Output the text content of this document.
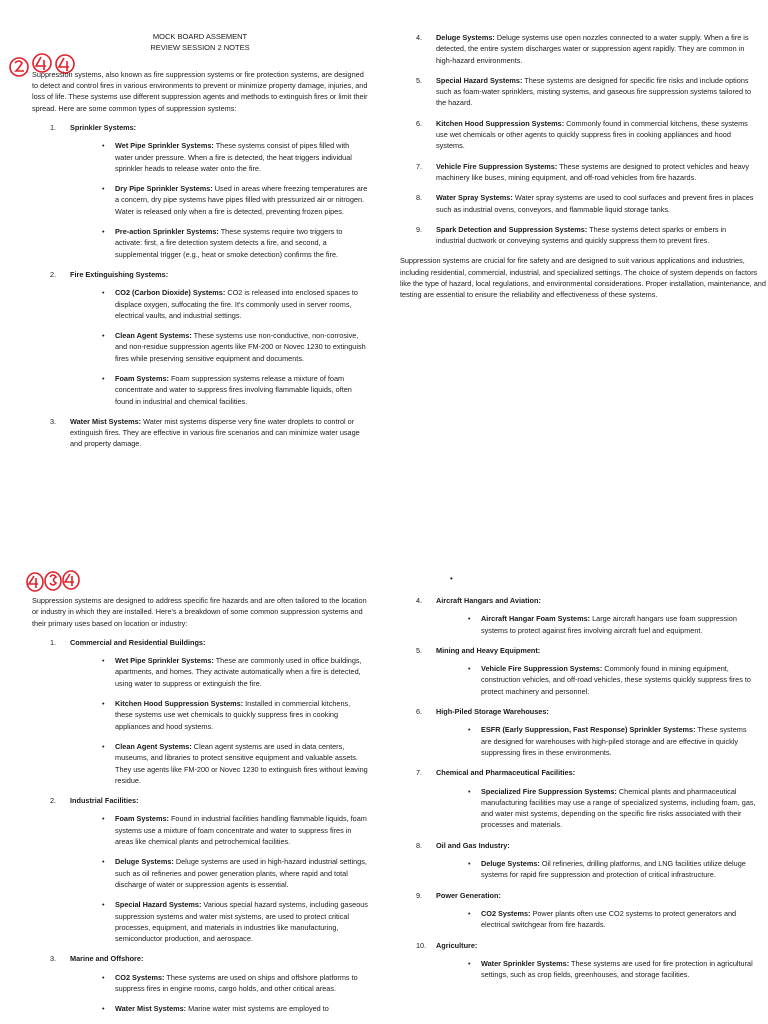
MOCK BOARD ASSEMENT
REVIEW SESSION 2 NOTES

Suppression systems, also known as fire suppression systems or fire protection systems, are designed to detect and control fires in various environments to prevent or minimize property damage, injuries, and loss of life. These systems use different suppression agents and methods to extinguish fires or limit their spread. Here are some common types of suppression systems:

1. Sprinkler Systems:
• Wet Pipe Sprinkler Systems: These systems consist of pipes filled with water under pressure. When a fire is detected, the heat triggers individual sprinkler heads to release water onto the fire.
• Dry Pipe Sprinkler Systems: Used in areas where freezing temperatures are a concern, dry pipe systems have pipes filled with pressurized air or nitrogen. Water is released only when a fire is detected, preventing frozen pipes.
• Pre-action Sprinkler Systems: These systems require two triggers to activate: first, a fire detection system detects a fire, and second, a supplemental trigger (e.g., heat or smoke detection) confirms the fire.
2. Fire Extinguishing Systems:
• CO2 (Carbon Dioxide) Systems: CO2 is released into enclosed spaces to displace oxygen, suffocating the fire. It's commonly used in server rooms, electrical vaults, and industrial settings.
• Clean Agent Systems: These systems use non-conductive, non-corrosive, and non-residue suppression agents like FM-200 or Novec 1230 to extinguish fires while preserving sensitive equipment and documents.
• Foam Systems: Foam suppression systems release a mixture of foam concentrate and water to suppress fires involving flammable liquids, often found in industrial and chemical facilities.
3. Water Mist Systems: Water mist systems disperse very fine water droplets to control or extinguish fires. They are effective in various fire scenarios and can minimize water usage and property damage.
4. Deluge Systems: Deluge systems use open nozzles connected to a water supply. When a fire is detected, the entire system discharges water or suppression agent rapidly. They are common in high-hazard environments.
5. Special Hazard Systems: These systems are designed for specific fire risks and include options such as foam-water sprinklers, misting systems, and gaseous fire suppression systems tailored to the hazard.
6. Kitchen Hood Suppression Systems: Commonly found in commercial kitchens, these systems use wet chemicals or other agents to quickly suppress fires in cooking appliances and hood systems.
7. Vehicle Fire Suppression Systems: These systems are designed to protect vehicles and heavy machinery like buses, mining equipment, and off-road vehicles from fire hazards.
8. Water Spray Systems: Water spray systems are used to cool surfaces and prevent fires in places such as industrial ovens, conveyors, and flammable liquid storage tanks.
9. Spark Detection and Suppression Systems: These systems detect sparks or embers in industrial ductwork or conveying systems and quickly suppress them to prevent fires.

Suppression systems are crucial for fire safety and are designed to suit various applications and industries, including residential, commercial, industrial, and specialized settings. The choice of system depends on factors like the type of hazard, local regulations, and environmental considerations. Proper installation, maintenance, and testing are essential to ensure the reliability and effectiveness of these systems.

Suppression systems are designed to address specific fire hazards and are often tailored to the location or industry in which they are installed. Here's a breakdown of some common suppression systems and their primary uses based on location or industry:

1. Commercial and Residential Buildings:
• Wet Pipe Sprinkler Systems: These are commonly used in office buildings, apartments, and homes. They activate automatically when a fire is detected, using water to suppress or extinguish the fire.
• Kitchen Hood Suppression Systems: Installed in commercial kitchens, these systems use wet chemicals to quickly suppress fires in cooking appliances and hood systems.
• Clean Agent Systems: Clean agent systems are used in data centers, museums, and libraries to protect sensitive equipment and valuable assets. They use agents like FM-200 or Novec 1230 to extinguish fires without leaving residue.
2. Industrial Facilities:
• Foam Systems: Found in industrial facilities handling flammable liquids, foam systems use a mixture of foam concentrate and water to suppress fires in areas like chemical plants and petrochemical facilities.
• Deluge Systems: Deluge systems are used in high-hazard industrial settings, such as oil refineries and power generation plants, where rapid and total discharge of water or suppression agents is essential.
• Special Hazard Systems: Various special hazard systems, including gaseous suppression systems and water mist systems, are used to protect critical processes, equipment, and materials in industries like manufacturing, semiconductor production, and aerospace.
3. Marine and Offshore:
• CO2 Systems: These systems are used on ships and offshore platforms to suppress fires in engine rooms, cargo holds, and other critical areas.
• Water Mist Systems: Marine water mist systems are employed to
•
4. Aircraft Hangars and Aviation:
• Aircraft Hangar Foam Systems: Large aircraft hangars use foam suppression systems to protect against fires involving aircraft fuel and equipment.
5. Mining and Heavy Equipment:
• Vehicle Fire Suppression Systems: Commonly found in mining equipment, construction vehicles, and off-road vehicles, these systems quickly suppress fires to protect machinery and personnel.
6. High-Piled Storage Warehouses:
• ESFR (Early Suppression, Fast Response) Sprinkler Systems: These systems are designed for warehouses with high-piled storage and are effective in quickly suppressing fires in these environments.
7. Chemical and Pharmaceutical Facilities:
• Specialized Fire Suppression Systems: Chemical plants and pharmaceutical manufacturing facilities may use a range of specialized systems, including foam, gas, and water mist systems, depending on the specific fire risks associated with their processes and materials.
8. Oil and Gas Industry:
• Deluge Systems: Oil refineries, drilling platforms, and LNG facilities utilize deluge systems for rapid fire suppression and protection of critical infrastructure.
9. Power Generation:
• CO2 Systems: Power plants often use CO2 systems to protect generators and electrical switchgear from fire hazards.
10. Agriculture:
• Water Sprinkler Systems: These systems are used for fire protection in agricultural settings, such as crop fields, greenhouses, and storage facilities.
